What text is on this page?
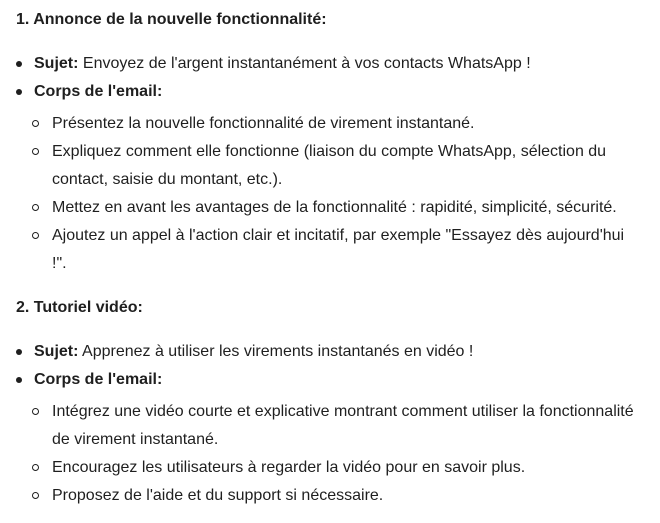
1. Annonce de la nouvelle fonctionnalité:
Sujet: Envoyez de l'argent instantanément à vos contacts WhatsApp !
Corps de l'email:
Présentez la nouvelle fonctionnalité de virement instantané.
Expliquez comment elle fonctionne (liaison du compte WhatsApp, sélection du contact, saisie du montant, etc.).
Mettez en avant les avantages de la fonctionnalité : rapidité, simplicité, sécurité.
Ajoutez un appel à l'action clair et incitatif, par exemple "Essayez dès aujourd'hui !".
2. Tutoriel vidéo:
Sujet: Apprenez à utiliser les virements instantanés en vidéo !
Corps de l'email:
Intégrez une vidéo courte et explicative montrant comment utiliser la fonctionnalité de virement instantané.
Encouragez les utilisateurs à regarder la vidéo pour en savoir plus.
Proposez de l'aide et du support si nécessaire.
